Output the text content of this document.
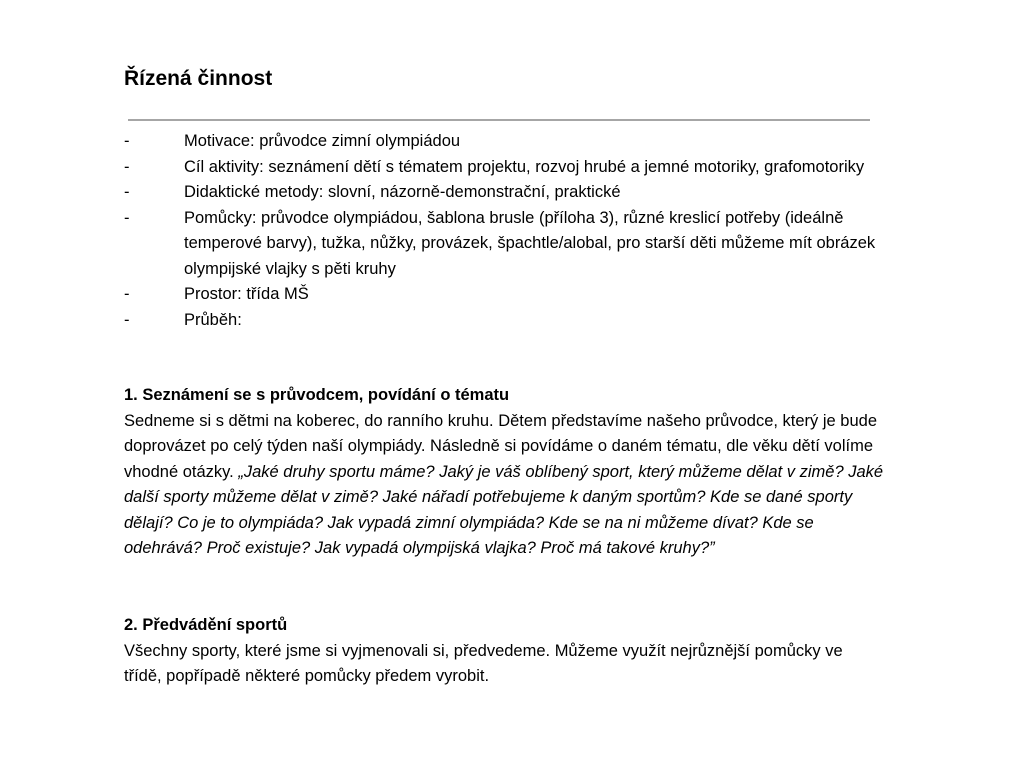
Řízená činnost
-	Motivace: průvodce zimní olympiádou
-	Cíl aktivity: seznámení dětí s tématem projektu, rozvoj hrubé a jemné motoriky, grafomotoriky
-	Didaktické metody: slovní, názorně-demonstrační, praktické
-	Pomůcky: průvodce olympiádou, šablona brusle (příloha 3), různé kreslicí potřeby (ideálně temperové barvy), tužka, nůžky, provázek, špachtle/alobal, pro starší děti můžeme mít obrázek olympijské vlajky s pěti kruhy
-	Prostor: třída MŠ
-	Průběh:
1. Seznámení se s průvodcem, povídání o tématu

Sedneme si s dětmi na koberec, do ranního kruhu. Dětem představíme našeho průvodce, který je bude doprovázet po celý týden naší olympiády. Následně si povídáme o daném tématu, dle věku dětí volíme vhodné otázky. „Jaké druhy sportu máme? Jaký je váš oblíbený sport, který můžeme dělat v zimě? Jaké další sporty můžeme dělat v zimě? Jaké nářadí potřebujeme k daným sportům? Kde se dané sporty dělají? Co je to olympiáda? Jak vypadá zimní olympiáda? Kde se na ni můžeme dívat? Kde se odehrává? Proč existuje? Jak vypadá olympijská vlajka? Proč má takové kruhy?”

2. Předvádění sportů

Všechny sporty, které jsme si vyjmenovali si, předvedeme. Můžeme využít nejrůznější pomůcky ve třídě, popřípadě některé pomůcky předem vyrobit.
